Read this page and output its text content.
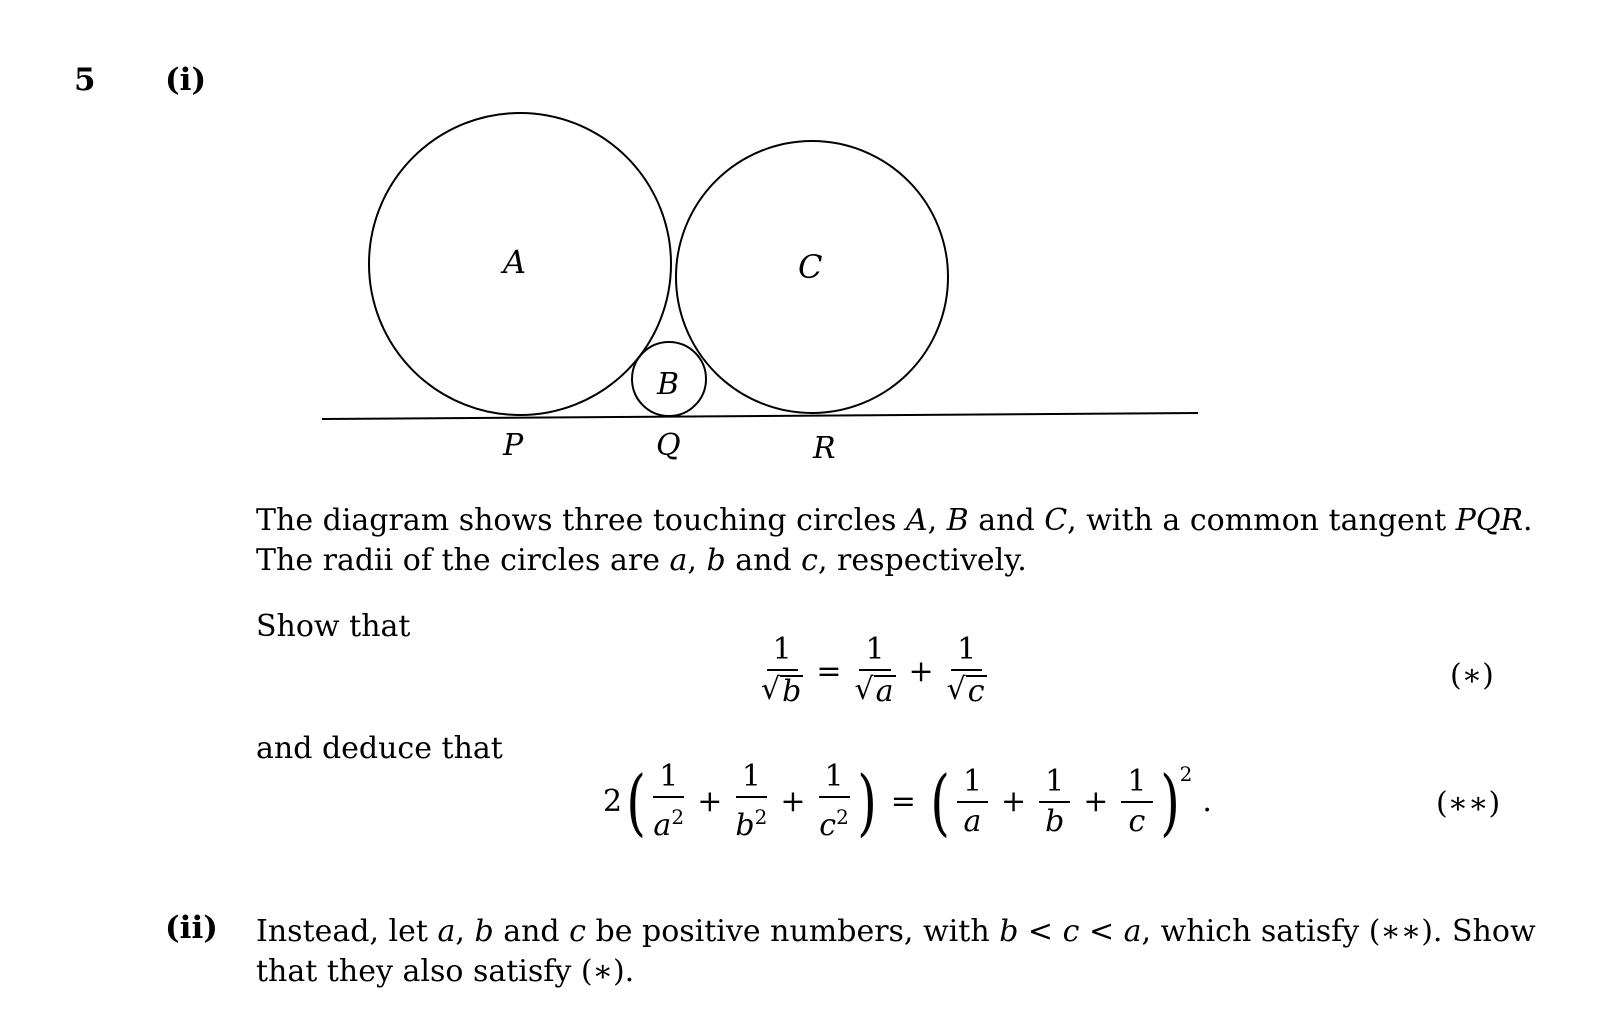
5 (i)
A	C
B
P	Q	R
The diagram shows three touching circles A, B and C, with a common tangent PQR.
The radii of the circles are a, b and c, respectively.
Show that
$\frac{1}{√ b} = \frac{1}{√ a} + \frac{1}{√ c}$	(∗)
and deduce that
2 ( $\frac{1}{a^2} + \frac{1}{b^2} + \frac{1}{c^2}$ ) = ( $\frac{1}{a} + \frac{1}{b} + \frac{1}{c} )^2$
.	(∗∗)
(ii) Instead, let a, b and c be positive numbers, with b < c < a, which satisfy (∗∗). Show
that they also satisfy (∗).
